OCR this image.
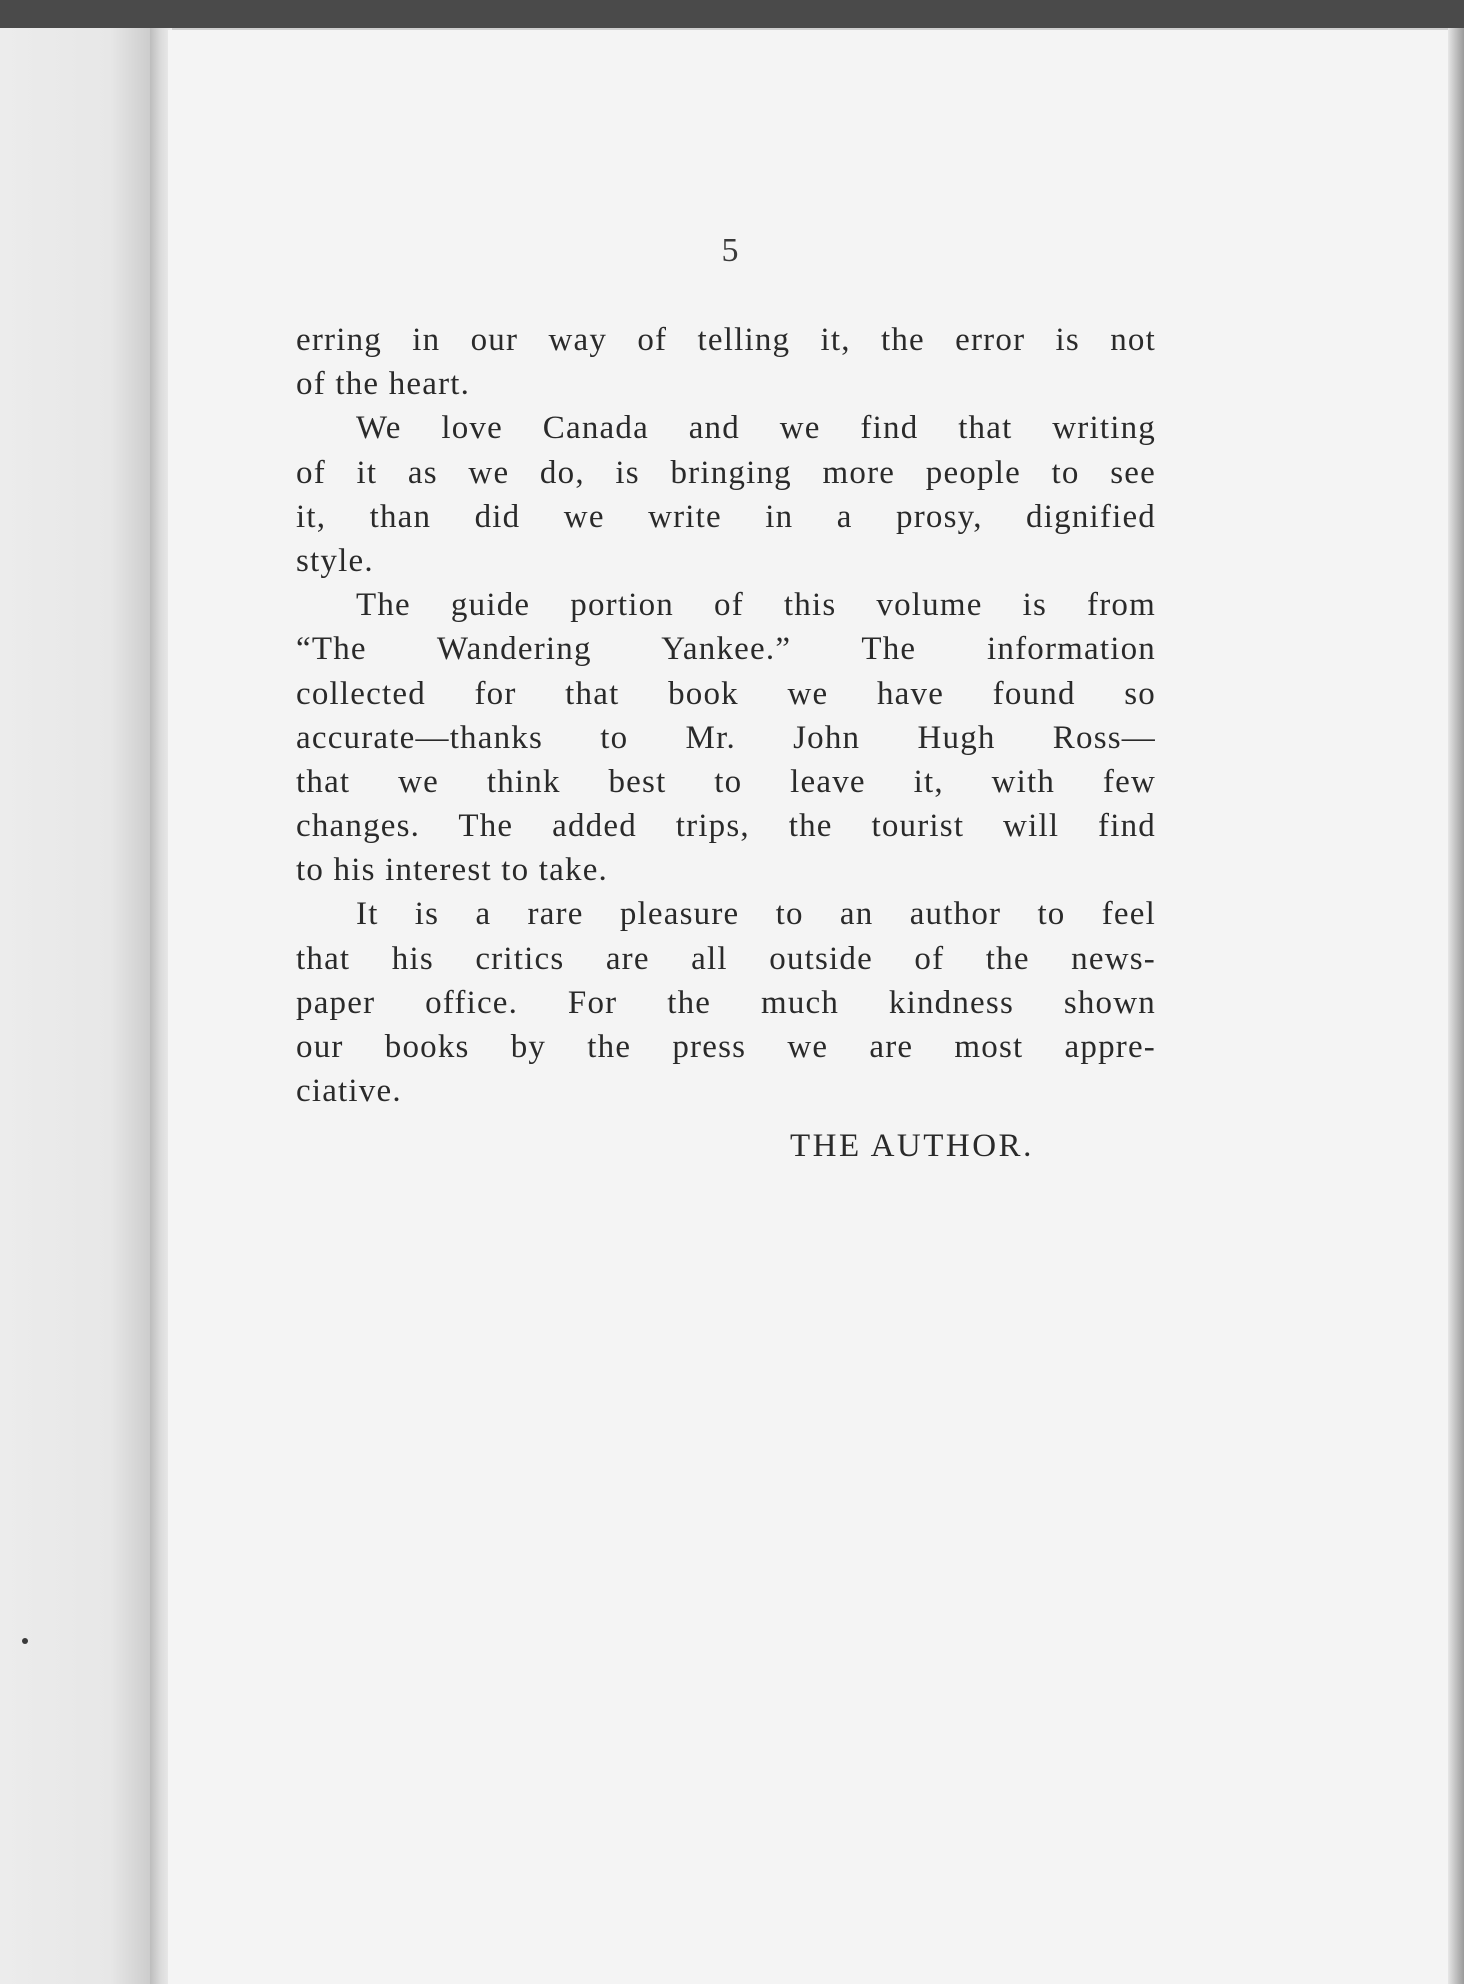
5
erring in our way of telling it, the error is not
of the heart.
We love Canada and we find that writing
of it as we do, is bringing more people to see
it, than did we write in a prosy, dignified
style.
The guide portion of this volume is from
“The Wandering Yankee.” The information
collected for that book we have found so
accurate—thanks to Mr. John Hugh Ross—
that we think best to leave it, with few
changes. The added trips, the tourist will find
to his interest to take.
It is a rare pleasure to an author to feel
that his critics are all outside of the news-
paper office. For the much kindness shown
our books by the press we are most appre-
ciative.
THE AUTHOR.
